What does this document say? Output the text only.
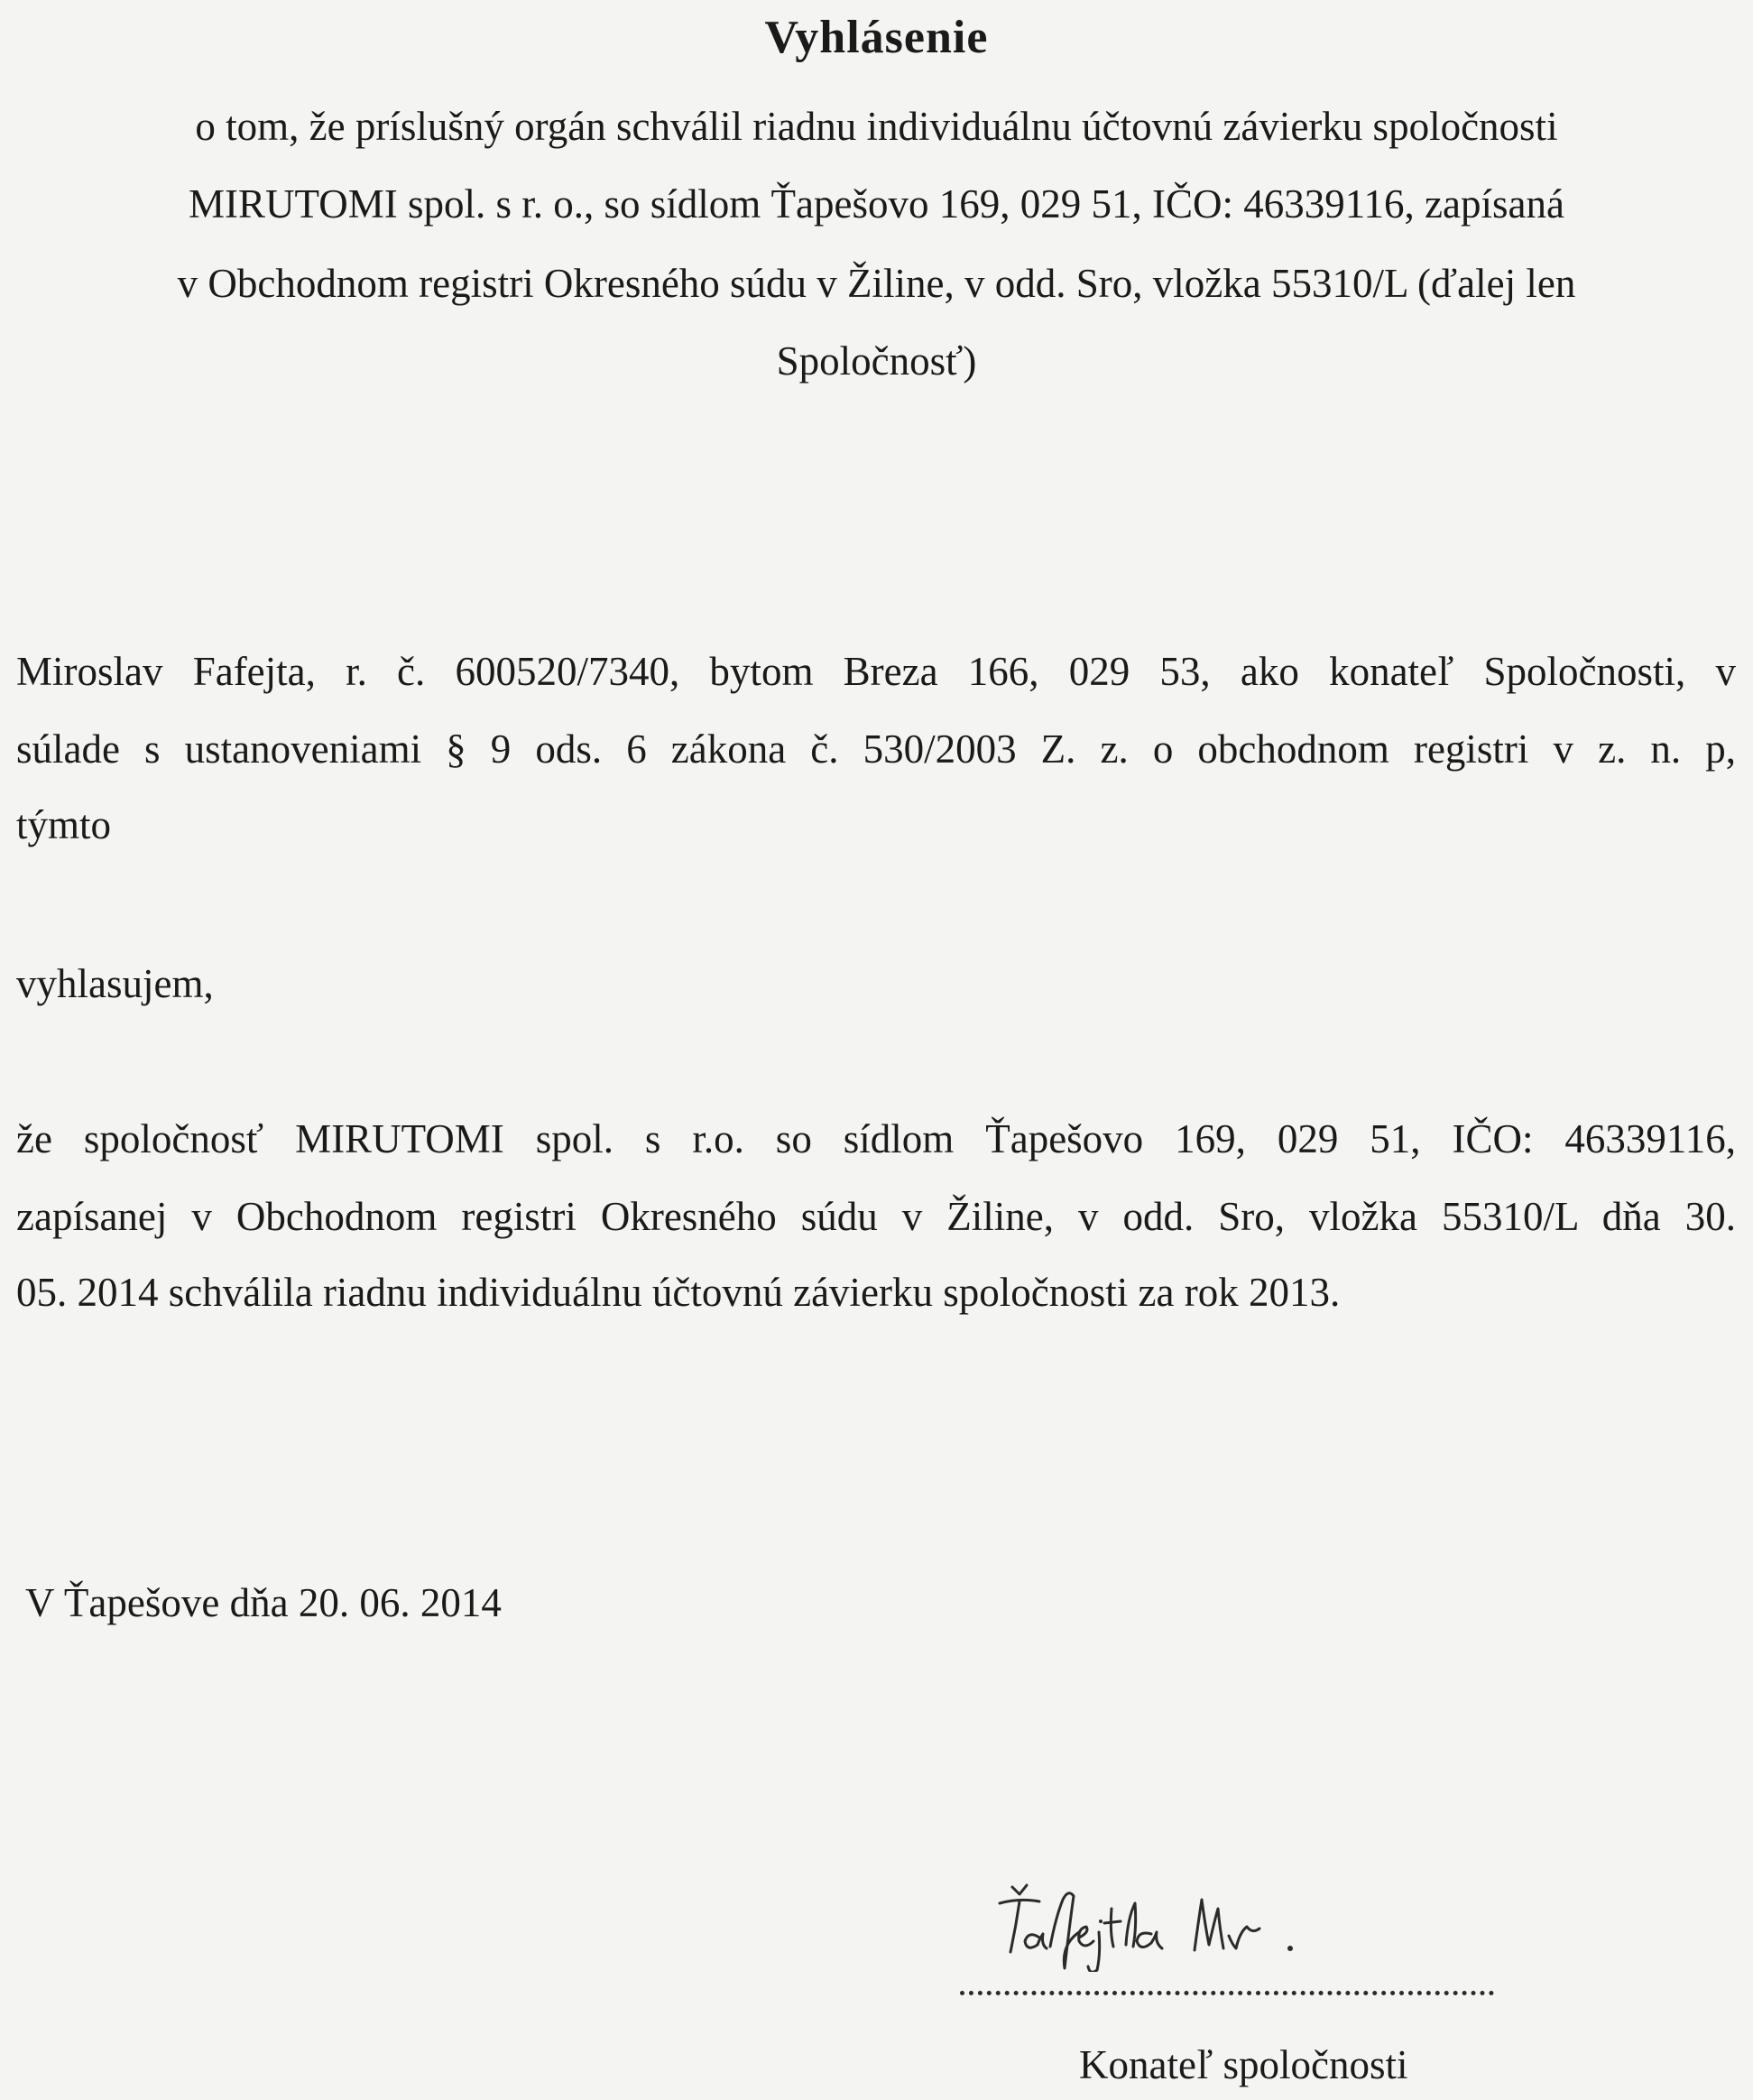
Vyhlásenie
o tom, že príslušný orgán schválil riadnu individuálnu účtovnú závierku spoločnosti
MIRUTOMI spol. s r. o., so sídlom Ťapešovo 169, 029 51, IČO: 46339116, zapísaná
v Obchodnom registri Okresného súdu v Žiline, v odd. Sro, vložka 55310/L (ďalej len
Spoločnosť)
Miroslav Fafejta, r. č. 600520/7340, bytom Breza 166, 029 53, ako konateľ Spoločnosti, v
súlade s ustanoveniami § 9 ods. 6 zákona č. 530/2003 Z. z. o obchodnom registri v z. n. p,
týmto
vyhlasujem,
že spoločnosť MIRUTOMI spol. s r.o. so sídlom Ťapešovo 169, 029 51, IČO: 46339116,
zapísanej v Obchodnom registri Okresného súdu v Žiline, v odd. Sro, vložka 55310/L dňa 30.
05. 2014 schválila riadnu individuálnu účtovnú závierku spoločnosti za rok 2013.
V Ťapešove dňa 20. 06. 2014
Konateľ spoločnosti
